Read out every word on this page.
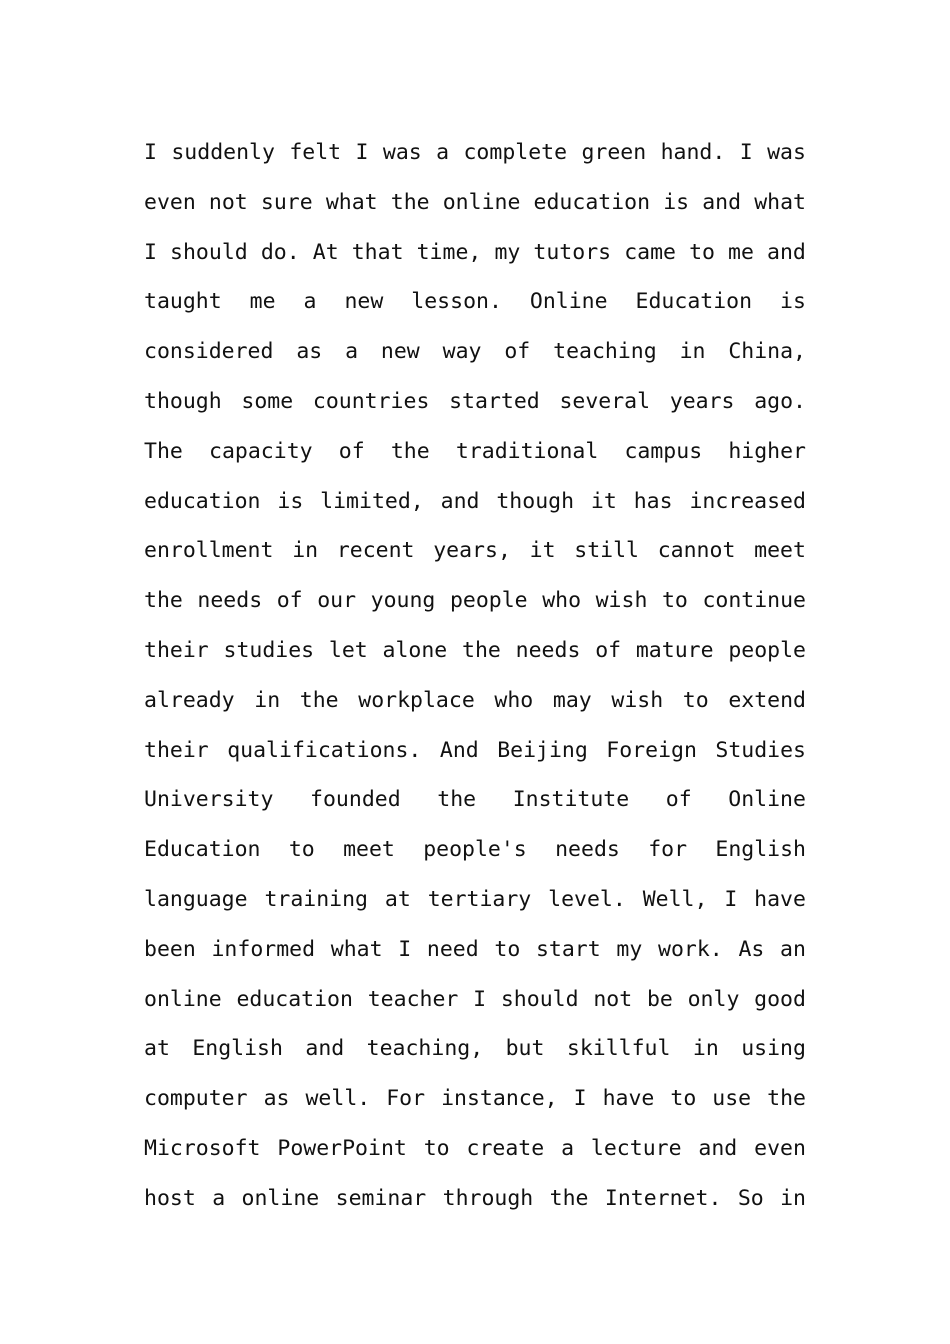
I suddenly felt I was a complete green hand. I was
even not sure what the online education is and what
I should do. At that time, my tutors came to me and
taught me a new lesson. Online Education is
considered as a new way of teaching in China,
though some countries started several years ago.
The capacity of the traditional campus higher
education is limited, and though it has increased
enrollment in recent years, it still cannot meet
the needs of our young people who wish to continue
their studies let alone the needs of mature people
already in the workplace who may wish to extend
their qualifications. And Beijing Foreign Studies
University founded the Institute of Online
Education to meet people's needs for English
language training at tertiary level. Well, I have
been informed what I need to start my work. As an
online education teacher I should not be only good
at English and teaching, but skillful in using
computer as well. For instance, I have to use the
Microsoft PowerPoint to create a lecture and even
host a online seminar through the Internet. So in
